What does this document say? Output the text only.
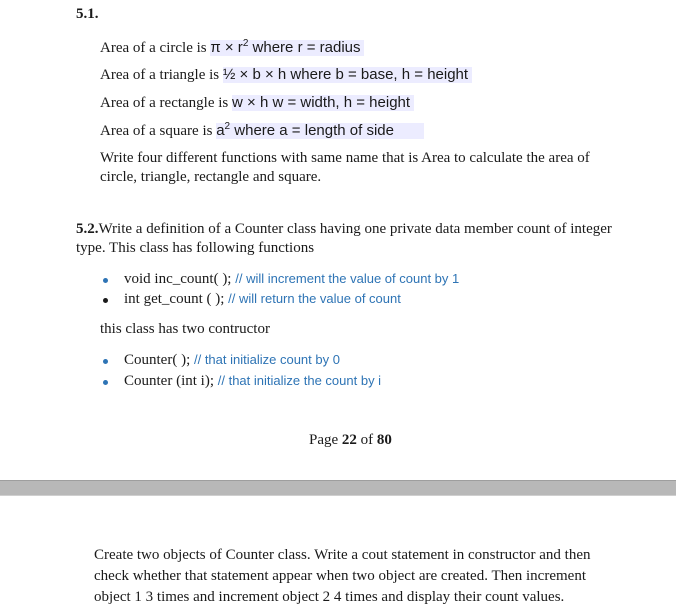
5.1.
Area of a circle is $\pi \times r^2$ where r = radius
Area of a triangle is ½ × b × h where b = base, h = height
Area of a rectangle is w × h w = width, h = height
Area of a square is $a^2$ where a = length of side
Write four different functions with same name that is Area to calculate the area of
circle, triangle, rectangle and square.
5.2.Write a definition of a Counter class having one private data member count of integer
type. This class has following functions
void inc_count( ); // will increment the value of count by 1
int get_count ( ); // will return the value of count
this class has two contructor
Counter( ); // that initialize count by 0
Counter (int i); // that initialize the count by i
Page 22 of 80
Create two objects of Counter class. Write a cout statement in constructor and then
check whether that statement appear when two object are created. Then increment
object 1 3 times and increment object 2 4 times and display their count values.
